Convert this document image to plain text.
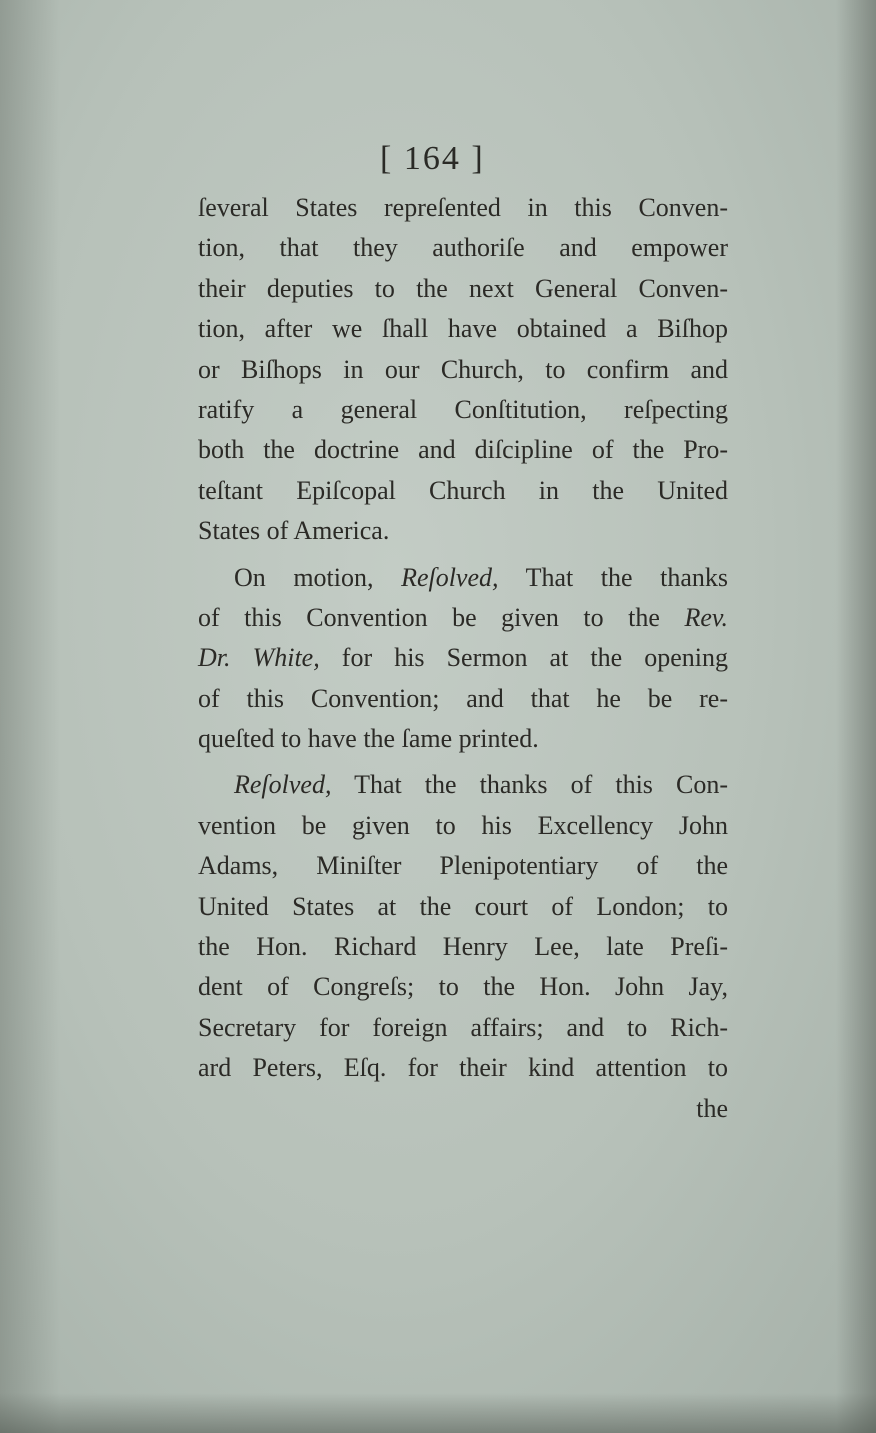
[ 164 ]
ſeveral States repreſented in this Conven-
tion, that they authoriſe and empower
their deputies to the next General Conven-
tion, after we ſhall have obtained a Biſhop
or Biſhops in our Church, to confirm and
ratify a general Conſtitution, reſpecting
both the doctrine and diſcipline of the Pro-
teſtant Epiſcopal Church in the United
States of America.
On motion, Reſolved, That the thanks
of this Convention be given to the Rev.
Dr. White, for his Sermon at the opening
of this Convention; and that he be re-
queſted to have the ſame printed.
Reſolved, That the thanks of this Con-
vention be given to his Excellency John
Adams, Miniſter Plenipotentiary of the
United States at the court of London; to
the Hon. Richard Henry Lee, late Preſi-
dent of Congreſs; to the Hon. John Jay,
Secretary for foreign affairs; and to Rich-
ard Peters, Eſq. for their kind attention to
the
